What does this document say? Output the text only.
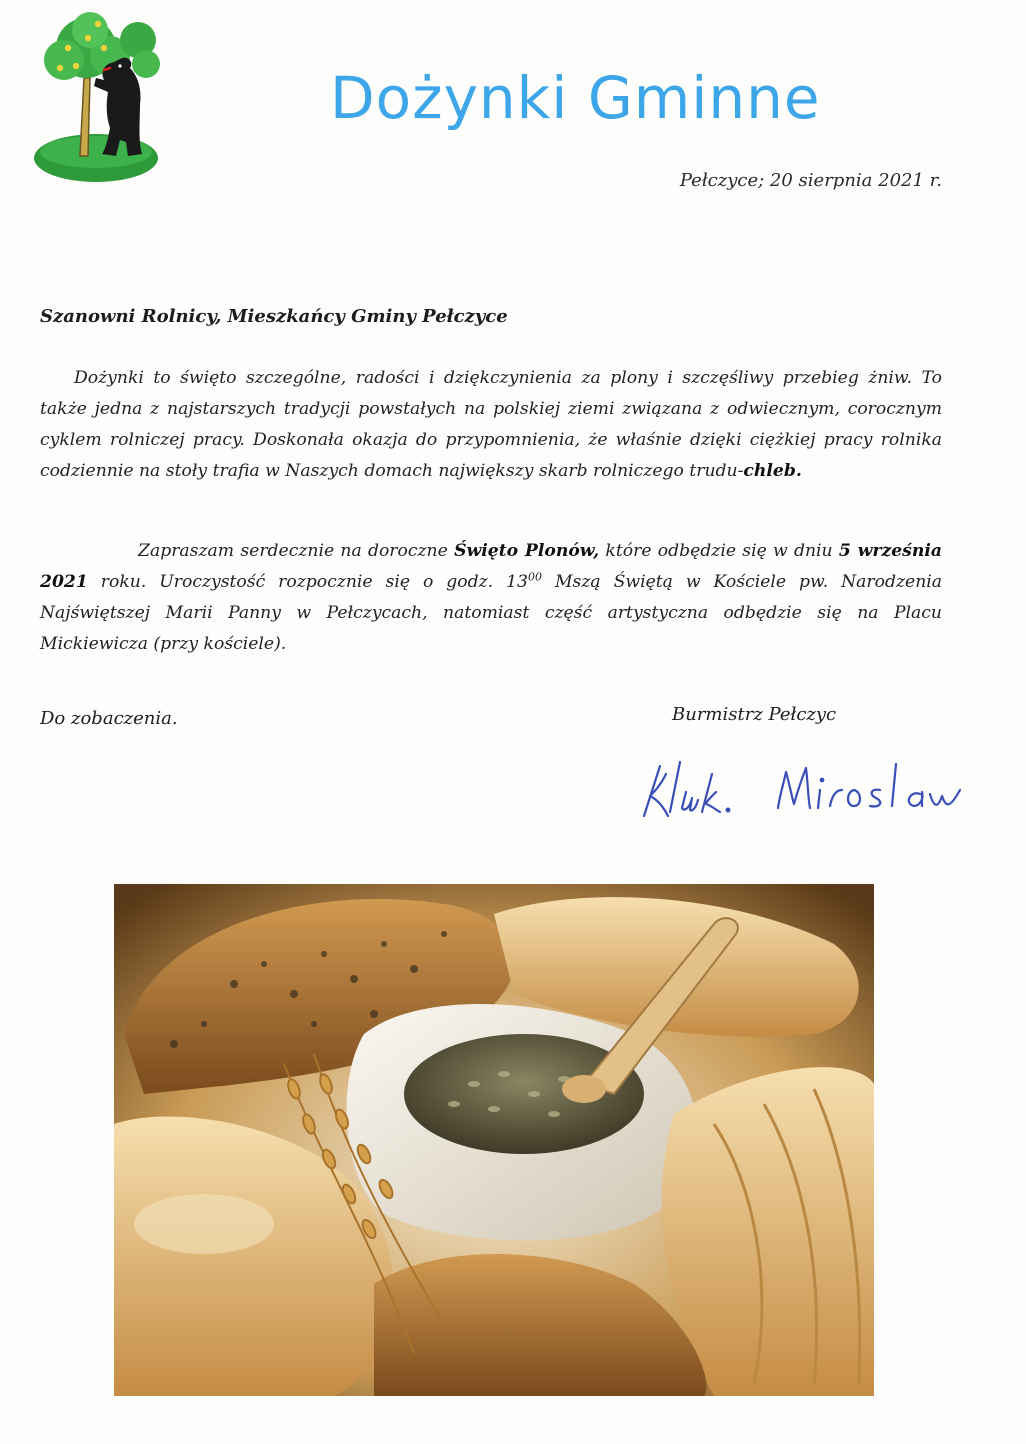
Dożynki Gminne
Pełczyce; 20 sierpnia 2021 r.
Szanowni Rolnicy, Mieszkańcy Gminy Pełczyce
Dożynki to święto szczególne, radości i dziękczynienia za plony i szczęśliwy przebieg żniw. To także jedna z najstarszych tradycji powstałych na polskiej ziemi związana z odwiecznym, corocznym cyklem rolniczej pracy. Doskonała okazja do przypomnienia, że właśnie dzięki ciężkiej pracy rolnika codziennie na stoły trafia w Naszych domach największy skarb rolniczego trudu-chleb.
Zapraszam serdecznie na doroczne Święto Plonów, które odbędzie się w dniu 5 września 2021 roku. Uroczystość rozpocznie się o godz. $13^{00}$ Mszą Świętą w Kościele pw. Narodzenia Najświętszej Marii Panny w Pełczycach, natomiast część artystyczna odbędzie się na Placu Mickiewicza (przy kościele).
Do zobaczenia.	Burmistrz Pełczyc
